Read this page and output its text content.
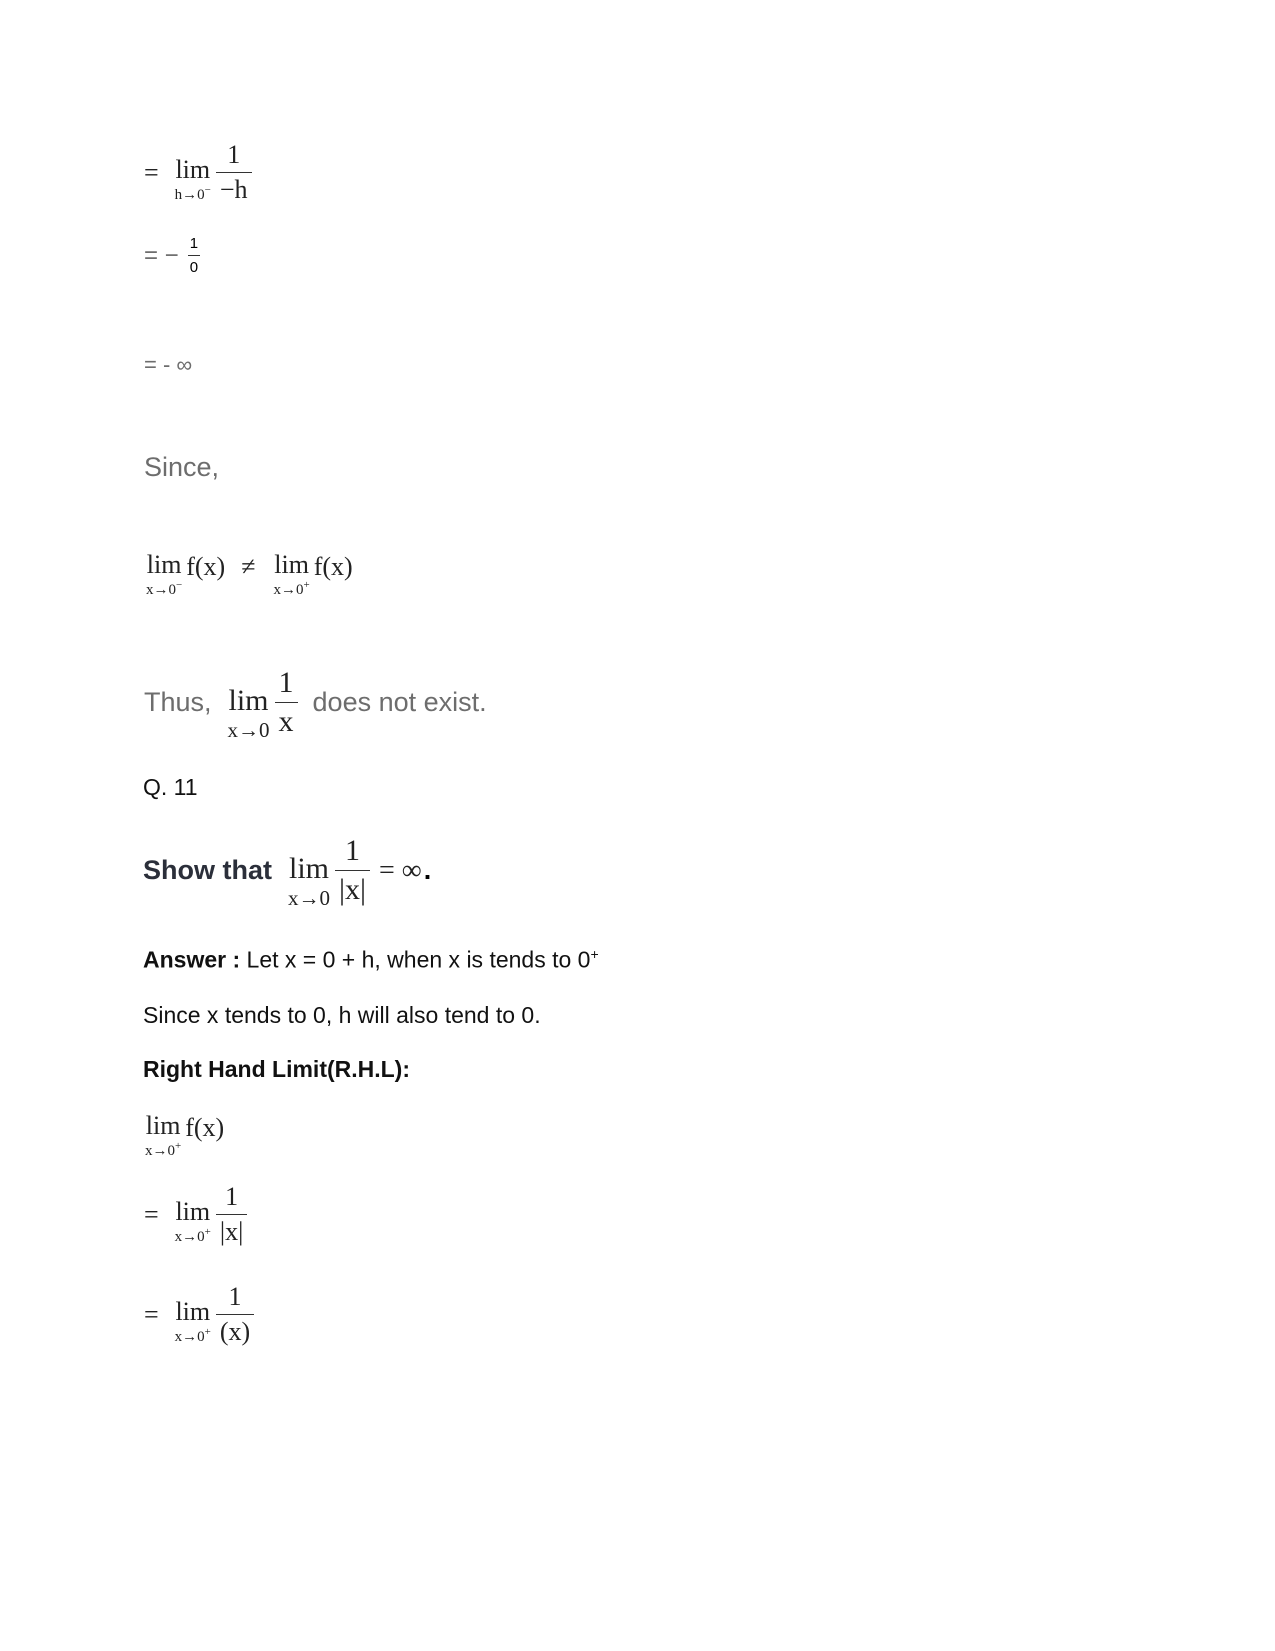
= lim
$h\to 0^- \frac{1}{-h}$
= − $\frac{1}{0}$
= - ∞
Since,
lim
x→0−
f(x) ≠ lim
x→0+
f(x)
Thus, lim
$x\to 0 \frac{1}{x}$ does not exist.
Q. 11
Show that lim
$x\to 0 \frac{1}{|x|}$ = ∞ .
Answer : Let x = 0 + h, when x is tends to 0+
Since x tends to 0, h will also tend to 0.
Right Hand Limit(R.H.L):
lim
x→0+
f(x)
= lim
$x\to 0^+ \frac{1}{|x|}$
= lim
$x\to 0^+ \frac{1}{(x)}$
